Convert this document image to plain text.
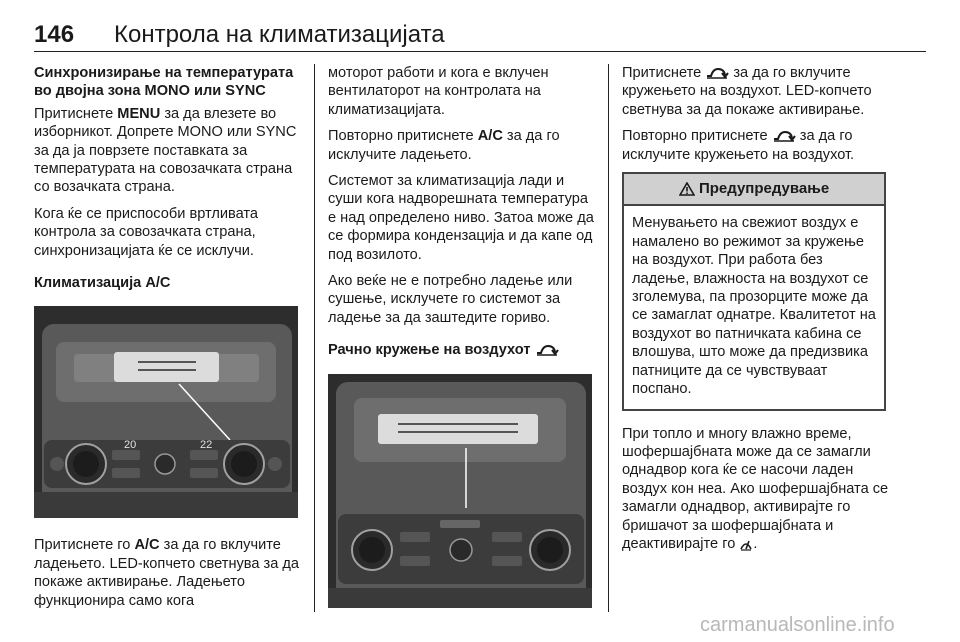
146 Контрола на климатизацијата
Синхронизирање на температурата во двојна зона MONO или SYNC

Притиснете MENU за да влезете во изборникот. Допрете MONO или SYNC за да ја поврзете поставката за температурата на совозачката страна со возачката страна.

Кога ќе се приспособи вртливата контрола за совозачката страна, синхронизацијата ќе се исклучи.

Климатизација A/C
20	22

Притиснете го A/C за да го вклучите ладењето. LED-копчето светнува за да покаже активирање. Ладењето функционира само кога

моторот работи и кога е вклучен вентилаторот на контролата на климатизацијата.

Повторно притиснете A/C за да го исклучите ладењето.

Системот за климатизација лади и суши кога надворешната температура е над определено ниво. Затоа може да се формира кондензација и да капе од под возилото.

Ако веќе не е потребно ладење или сушење, исклучете го системот за ладење за да заштедите гориво.

Рачно кружење на воздухот

Притиснете  за да го вклучите кружењето на воздухот. LED-копчето светнува за да покаже активирање.

Повторно притиснете  за да го исклучите кружењето на воздухот.

Предупредување
Менувањето на свежиот воздух е намалено во режимот за кружење на воздухот. При работа без ладење, влажноста на воздухот се зголемува, па прозорците може да се замаглат однатре. Квалитетот на воздухот во патничката кабина се влошува, што може да предизвика патниците да се чувствуваат поспано.

При топло и многу влажно време, шофершајбната може да се замагли однадвор кога ќе се насочи ладен воздух кон неа. Ако шофершајбната се замагли однадвор, активирајте го бришачот за шофершајбната и деактивирајте го .

carmanualsonline.info
